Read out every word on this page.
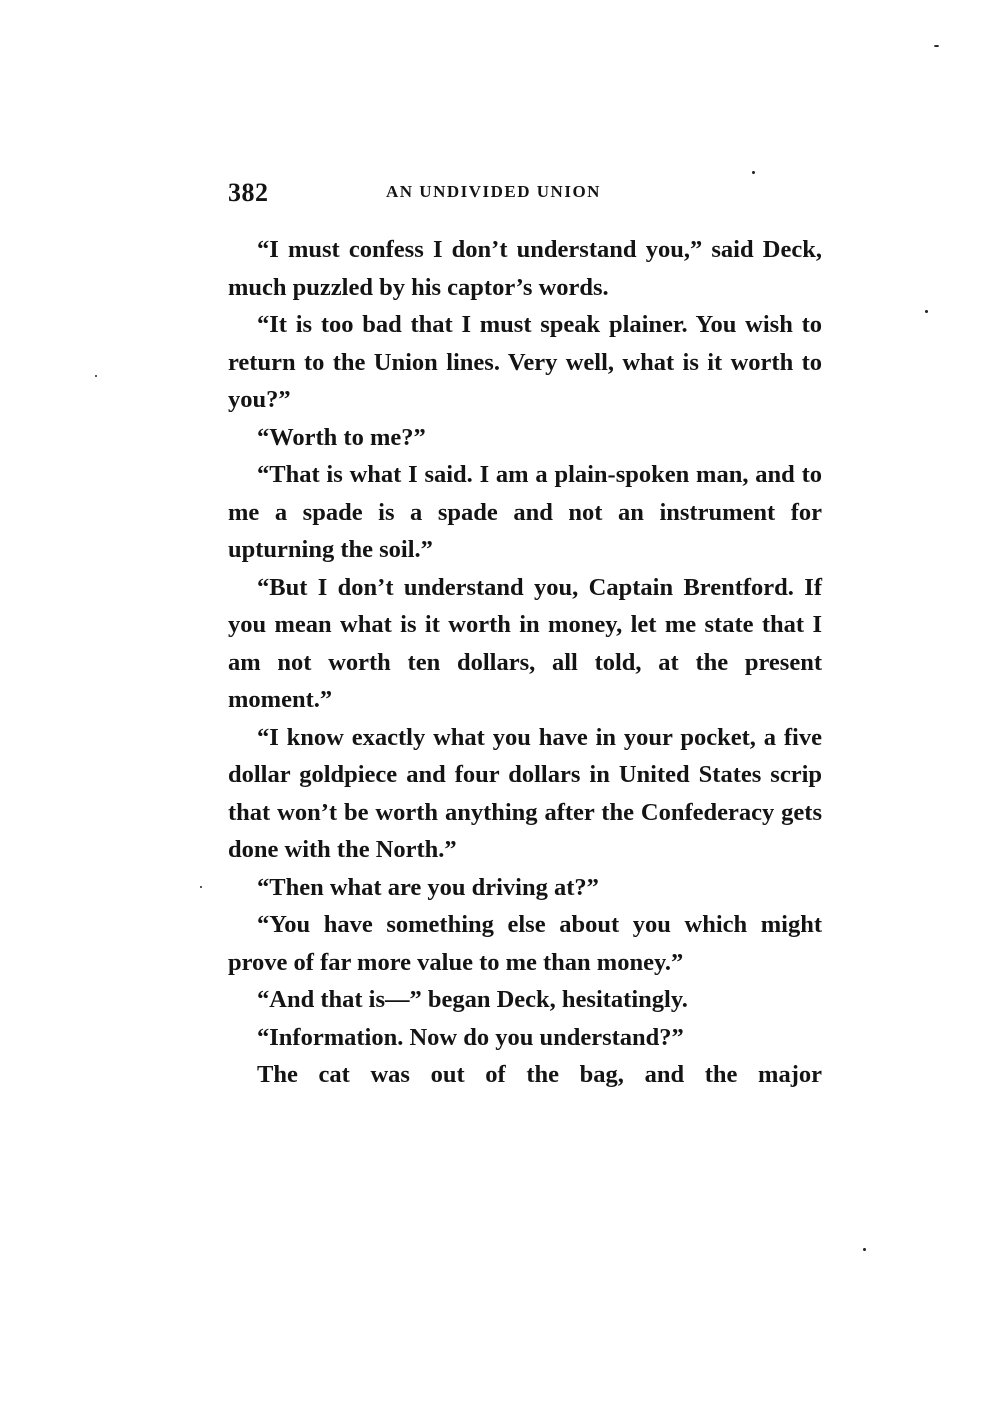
382	AN UNDIVIDED UNION

“I must confess I don’t understand you,” said Deck, much puzzled by his captor’s words.

“It is too bad that I must speak plainer. You wish to return to the Union lines. Very well, what is it worth to you?”

“Worth to me?”

“That is what I said. I am a plain-spoken man, and to me a spade is a spade and not an instrument for upturning the soil.”

“But I don’t understand you, Captain Brentford. If you mean what is it worth in money, let me state that I am not worth ten dollars, all told, at the present moment.”

“I know exactly what you have in your pocket, a five dollar goldpiece and four dollars in United States scrip that won’t be worth anything after the Confederacy gets done with the North.”

“Then what are you driving at?”

“You have something else about you which might prove of far more value to me than money.”

“And that is—” began Deck, hesitatingly.

“Information. Now do you understand?”

The cat was out of the bag, and the major
